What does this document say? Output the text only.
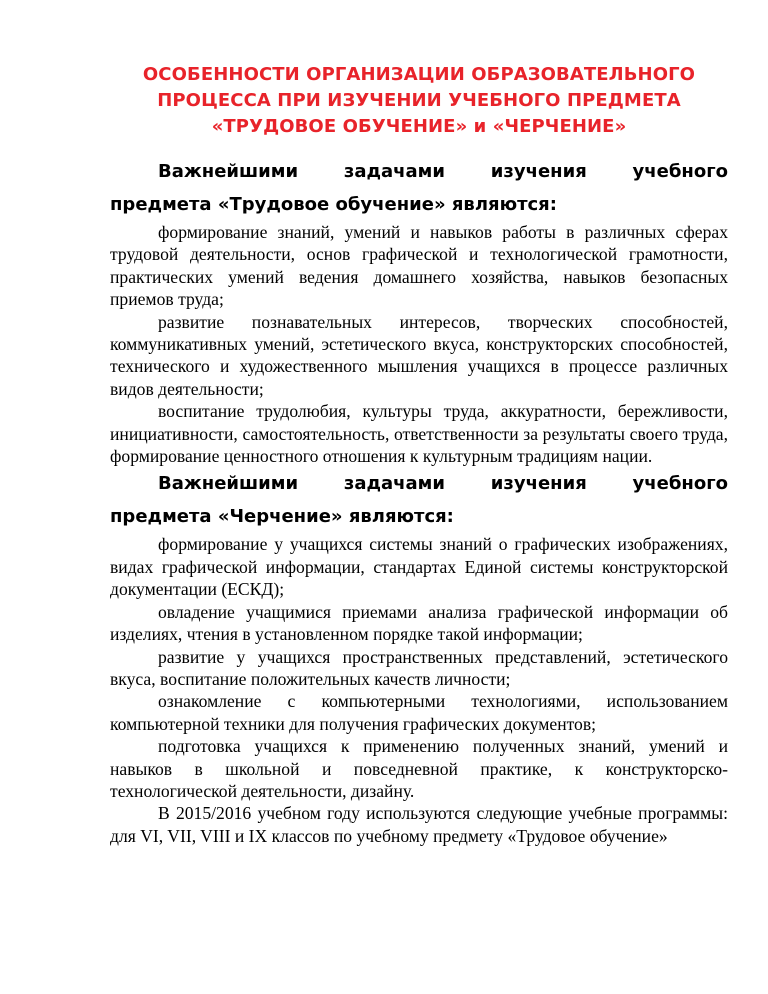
ОСОБЕННОСТИ ОРГАНИЗАЦИИ ОБРАЗОВАТЕЛЬНОГО
ПРОЦЕССА ПРИ ИЗУЧЕНИИ УЧЕБНОГО ПРЕДМЕТА
«ТРУДОВОЕ ОБУЧЕНИЕ» и «ЧЕРЧЕНИЕ»
Важнейшими задачами изучения учебного
предмета «Трудовое обучение» являются:

формирование знаний, умений и навыков работы в различных сферах трудовой деятельности, основ графической и технологической грамотности, практических умений ведения домашнего хозяйства, навыков безопасных приемов труда;

развитие познавательных интересов, творческих способностей, коммуникативных умений, эстетического вкуса, конструкторских способностей, технического и художественного мышления учащихся в процессе различных видов деятельности;

воспитание трудолюбия, культуры труда, аккуратности, бережливости, инициативности, самостоятельность, ответственности за результаты своего труда, формирование ценностного отношения к культурным традициям нации.

Важнейшими задачами изучения учебного
предмета «Черчение» являются:

формирование у учащихся системы знаний о графических изображениях, видах графической информации, стандартах Единой системы конструкторской документации (ЕСКД);

овладение учащимися приемами анализа графической информации об изделиях, чтения в установленном порядке такой информации;

развитие у учащихся пространственных представлений, эстетического вкуса, воспитание положительных качеств личности;

ознакомление с компьютерными технологиями, использованием компьютерной техники для получения графических документов;

подготовка учащихся к применению полученных знаний, умений и навыков в школьной и повседневной практике, к конструкторско-технологической деятельности, дизайну.

В 2015/2016 учебном году используются следующие учебные программы: для VI, VII, VIII и IX классов по учебному предмету «Трудовое обучение»
